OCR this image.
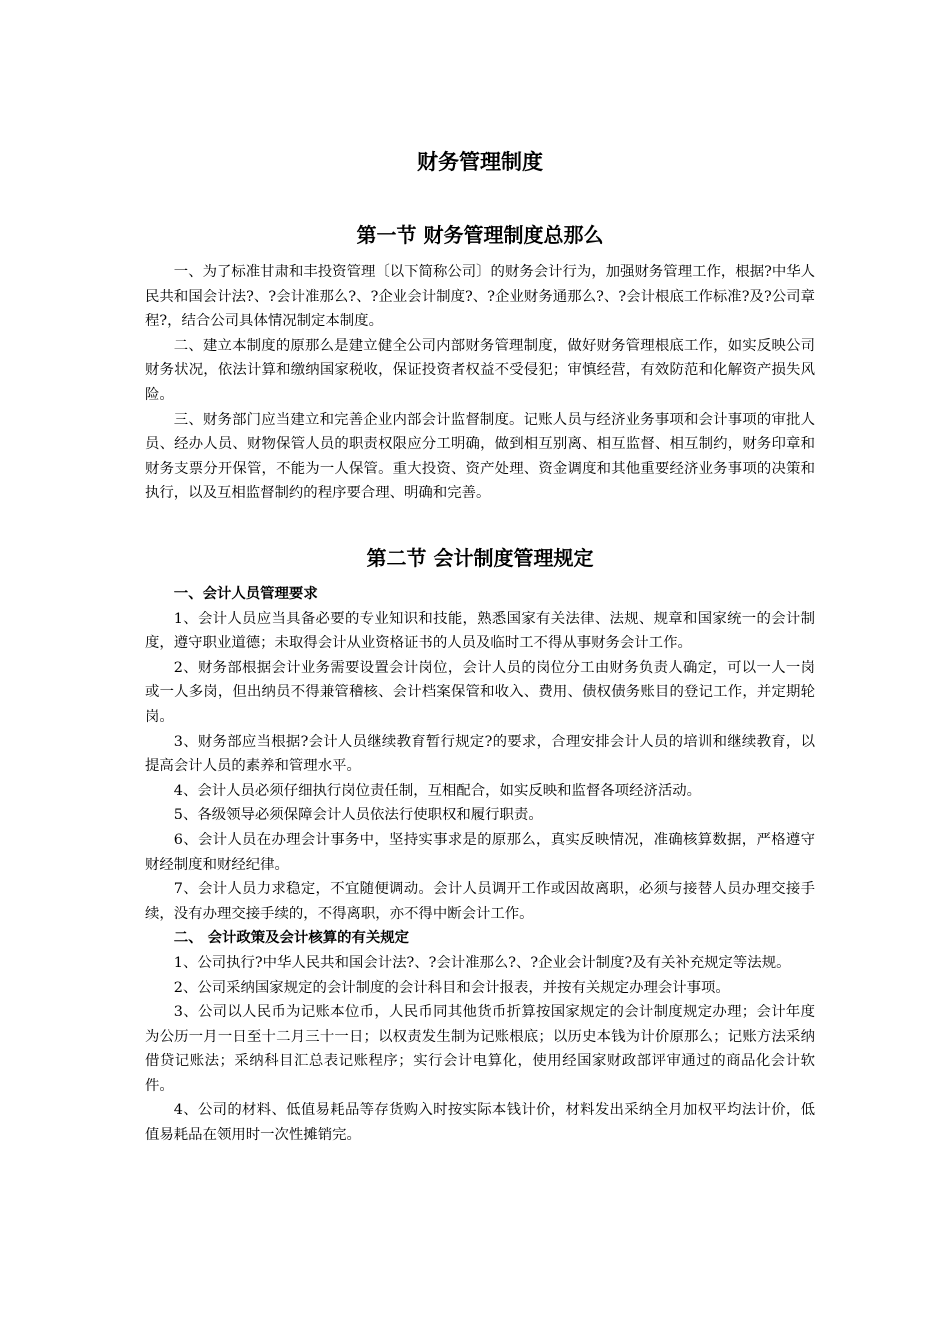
财务管理制度
第一节 财务管理制度总那么

一、为了标准甘肃和丰投资管理〔以下简称公司〕的财务会计行为，加强财务管理工作，根据?中华人民共和国会计法?、?会计准那么?、?企业会计制度?、?企业财务通那么?、?会计根底工作标准?及?公司章程?，结合公司具体情况制定本制度。

二、建立本制度的原那么是建立健全公司内部财务管理制度，做好财务管理根底工作，如实反映公司财务状况，依法计算和缴纳国家税收，保证投资者权益不受侵犯；审慎经营，有效防范和化解资产损失风险。

三、财务部门应当建立和完善企业内部会计监督制度。记账人员与经济业务事项和会计事项的审批人员、经办人员、财物保管人员的职责权限应分工明确，做到相互别离、相互监督、相互制约，财务印章和财务支票分开保管，不能为一人保管。重大投资、资产处理、资金调度和其他重要经济业务事项的决策和执行，以及互相监督制约的程序要合理、明确和完善。

第二节 会计制度管理规定

一、会计人员管理要求

1、会计人员应当具备必要的专业知识和技能，熟悉国家有关法律、法规、规章和国家统一的会计制度，遵守职业道德；未取得会计从业资格证书的人员及临时工不得从事财务会计工作。

2、财务部根据会计业务需要设置会计岗位，会计人员的岗位分工由财务负责人确定，可以一人一岗或一人多岗，但出纳员不得兼管稽核、会计档案保管和收入、费用、债权债务账目的登记工作，并定期轮岗。

3、财务部应当根据?会计人员继续教育暂行规定?的要求，合理安排会计人员的培训和继续教育，以提高会计人员的素养和管理水平。

4、会计人员必须仔细执行岗位责任制，互相配合，如实反映和监督各项经济活动。

5、各级领导必须保障会计人员依法行使职权和履行职责。

6、会计人员在办理会计事务中，坚持实事求是的原那么，真实反映情况，准确核算数据，严格遵守财经制度和财经纪律。

7、会计人员力求稳定，不宜随便调动。会计人员调开工作或因故离职，必须与接替人员办理交接手续，没有办理交接手续的，不得离职，亦不得中断会计工作。

二、 会计政策及会计核算的有关规定

1、公司执行?中华人民共和国会计法?、?会计准那么?、?企业会计制度?及有关补充规定等法规。

2、公司采纳国家规定的会计制度的会计科目和会计报表，并按有关规定办理会计事项。

3、公司以人民币为记账本位币，人民币同其他货币折算按国家规定的会计制度规定办理；会计年度为公历一月一日至十二月三十一日；以权责发生制为记账根底；以历史本钱为计价原那么；记账方法采纳借贷记账法；采纳科目汇总表记账程序；实行会计电算化，使用经国家财政部评审通过的商品化会计软件。

4、公司的材料、低值易耗品等存货购入时按实际本钱计价，材料发出采纳全月加权平均法计价，低值易耗品在领用时一次性摊销完。
